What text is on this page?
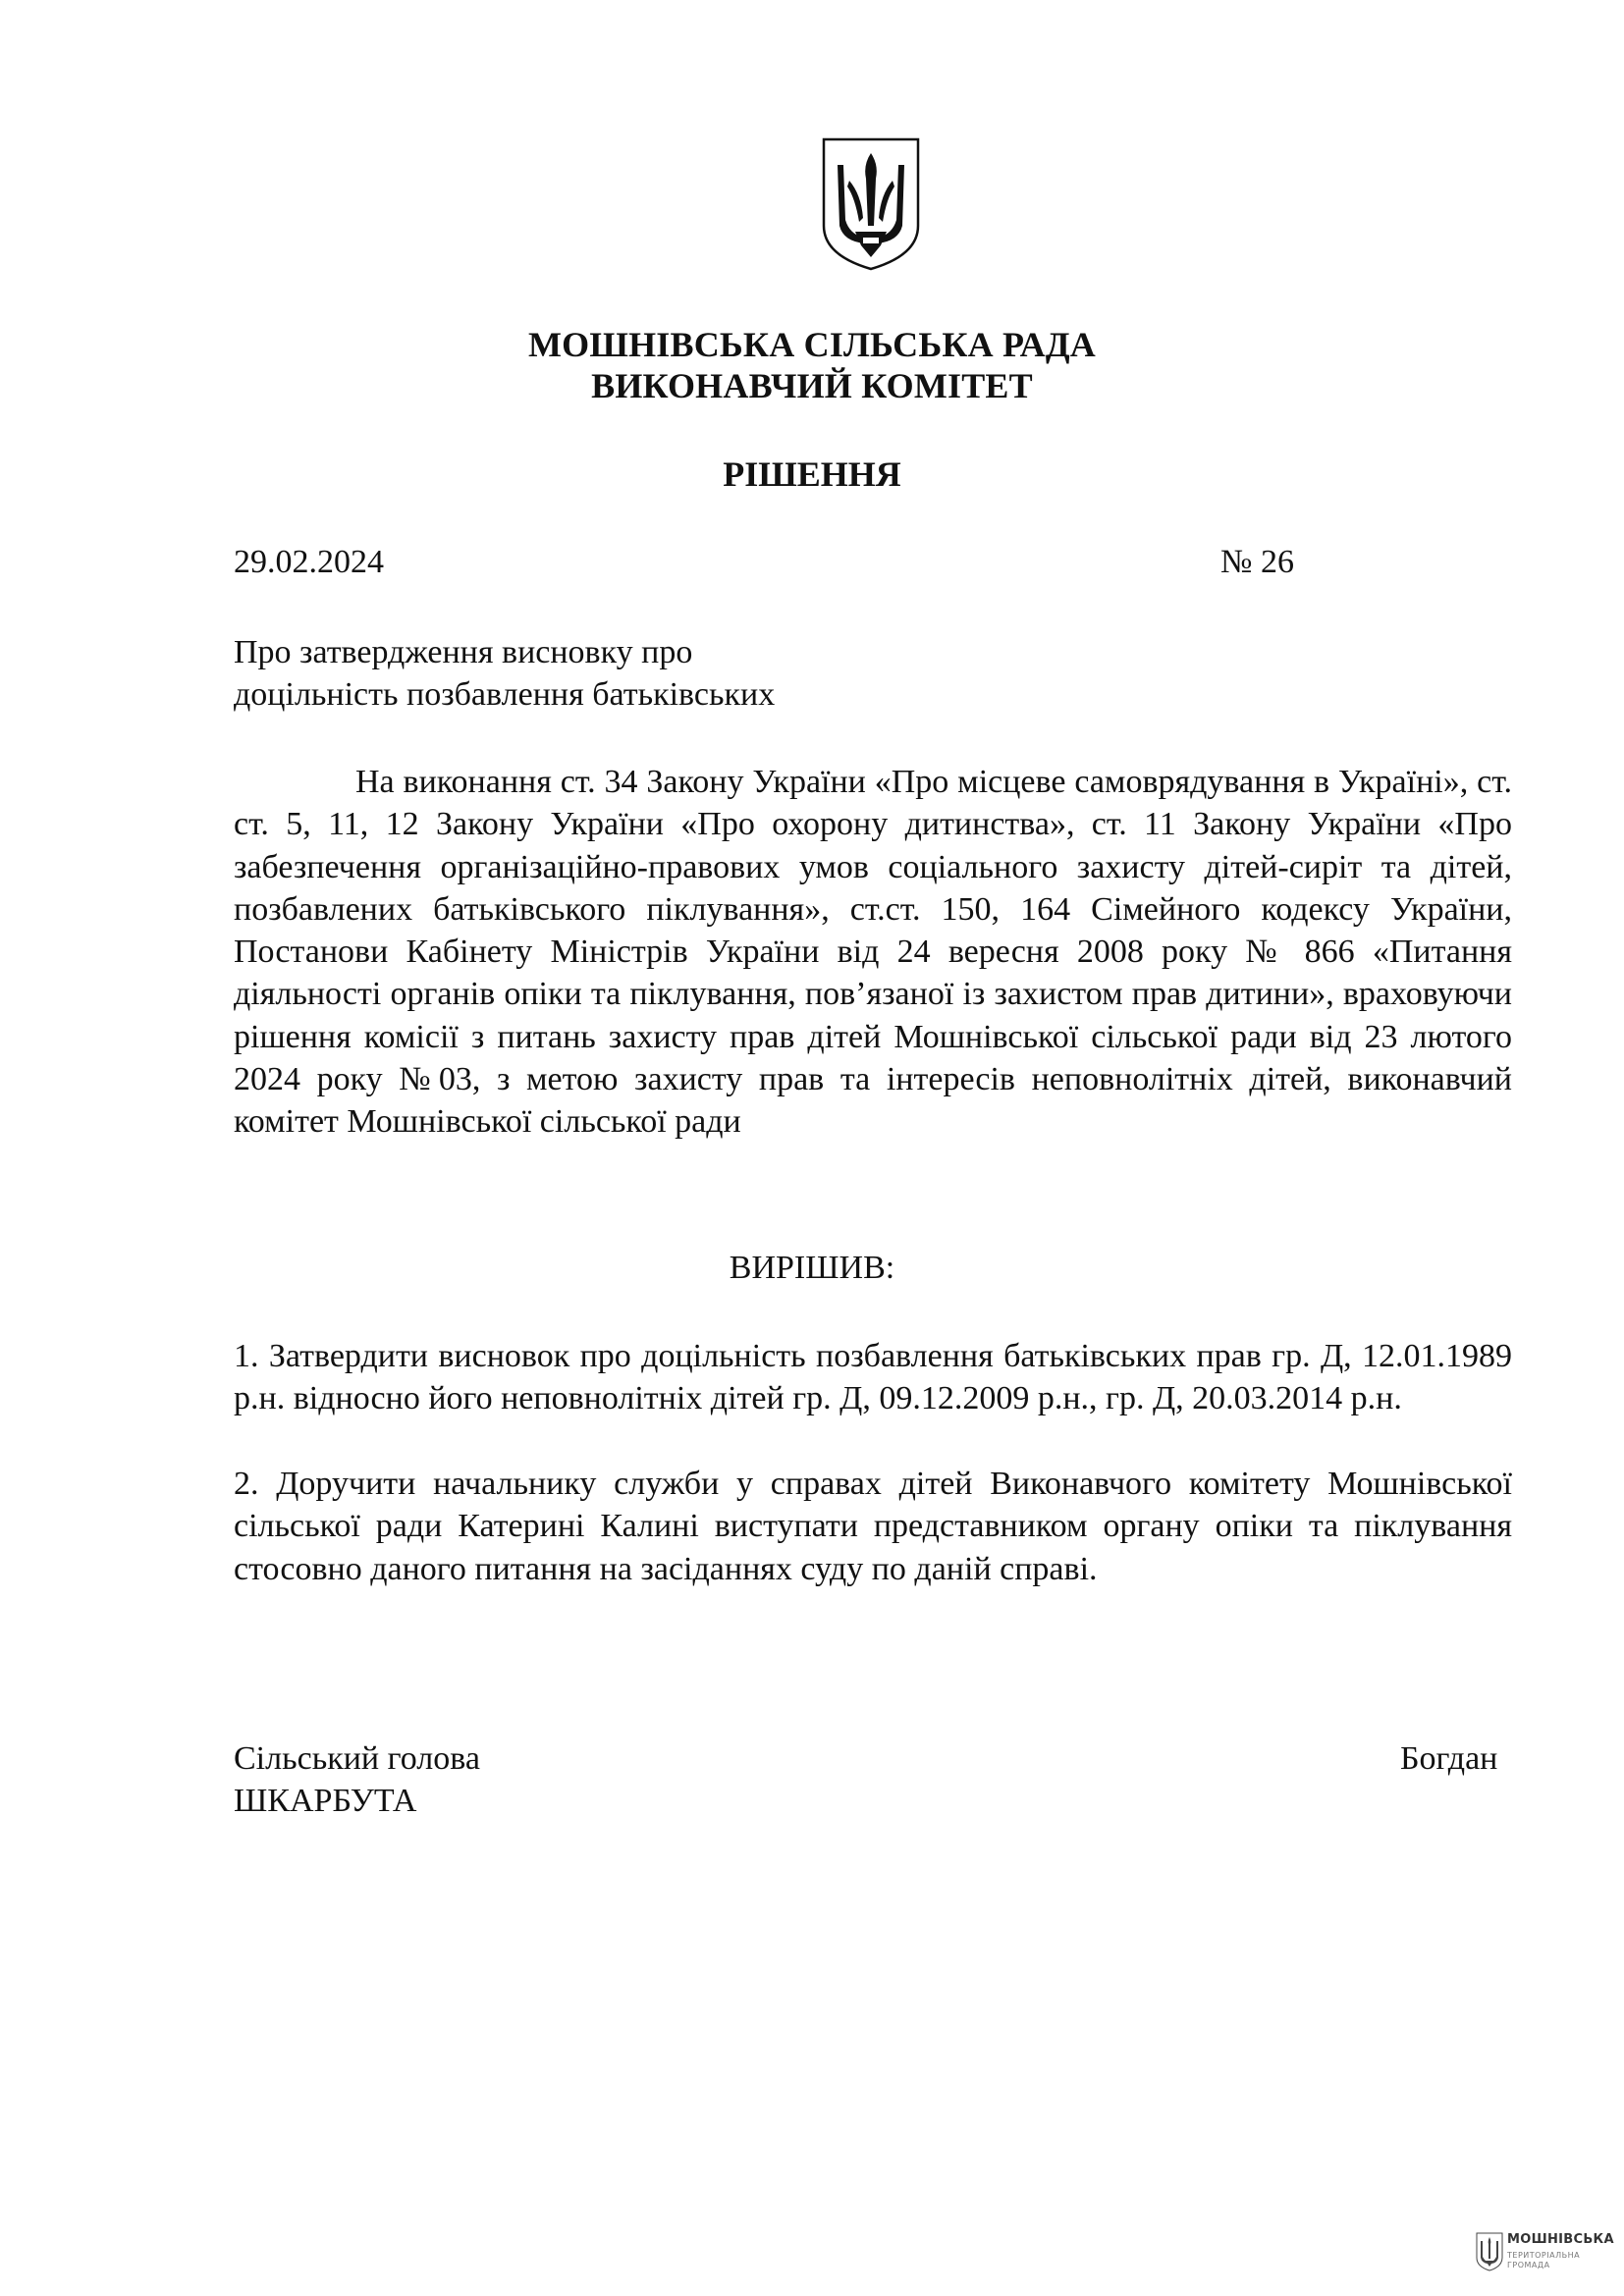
МОШНІВСЬКА СІЛЬСЬКА РАДА
ВИКОНАВЧИЙ КОМІТЕТ
РІШЕННЯ
29.02.2024	№ 26
Про затвердження висновку про
доцільність позбавлення батьківських

На виконання ст. 34 Закону України «Про місцеве самоврядування в Україні», ст. ст. 5, 11, 12 Закону України «Про охорону дитинства», ст. 11 Закону України «Про забезпечення організаційно-правових умов соціального захисту дітей-сиріт та дітей, позбавлених батьківського піклування», ст.ст. 150, 164 Сімейного кодексу України, Постанови Кабінету Міністрів України від 24 вересня 2008 року № 866 «Питання діяльності органів опіки та піклування, пов’язаної із захистом прав дитини», враховуючи рішення комісії з питань захисту прав дітей Мошнівської сільської ради від 23 лютого 2024 року №03, з метою захисту прав та інтересів неповнолітніх дітей, виконавчий комітет Мошнівської сільської ради

ВИРІШИВ:

1. Затвердити висновок про доцільність позбавлення батьківських прав гр. Д, 12.01.1989 р.н. відносно його неповнолітніх дітей гр. Д, 09.12.2009 р.н., гр. Д, 20.03.2014 р.н.

2. Доручити начальнику служби у справах дітей Виконавчого комітету Мошнівської сільської ради Катерині Калині виступати представником органу опіки та піклування стосовно даного питання на засіданнях суду по даній справі.

Сільський голова
ШКАРБУТА
Богдан
МОШНІВСЬКА
ТЕРИТОРІАЛЬНА
ГРОМАДА
